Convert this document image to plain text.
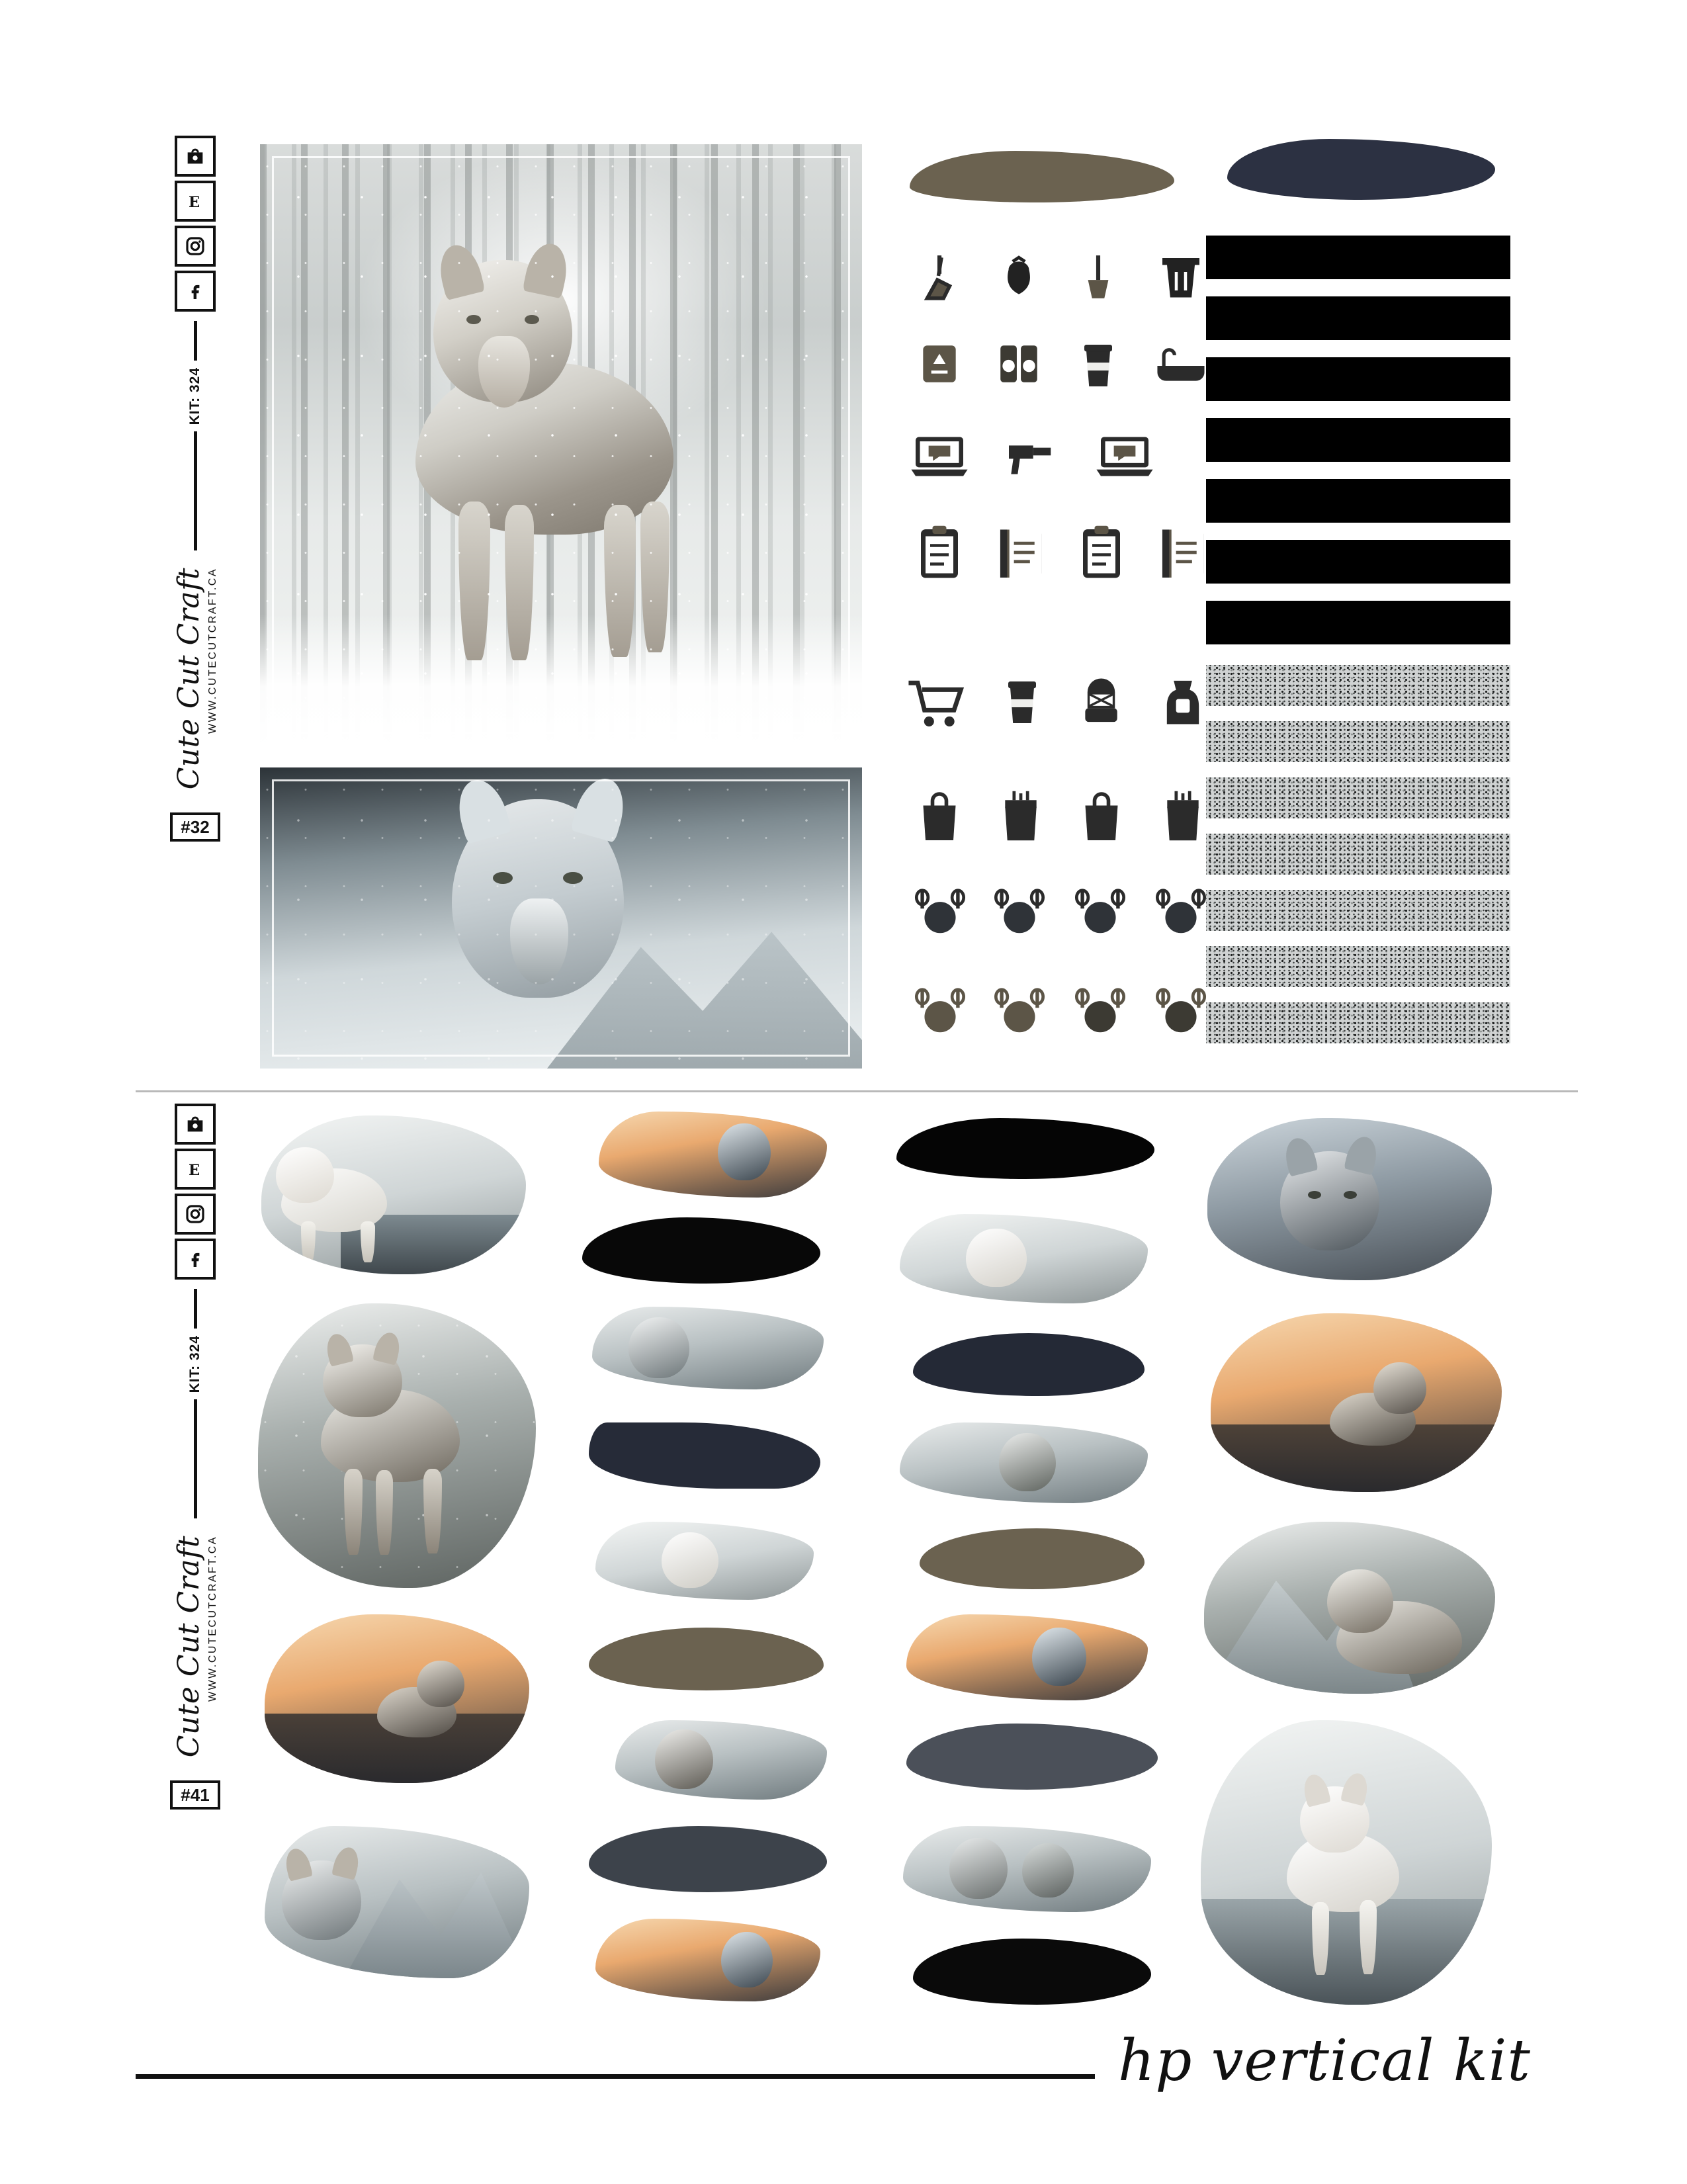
E
KIT: 324
Cute Cut Craft WWW.CUTECUTCRAFT.CA
#32
E
KIT: 324
Cute Cut Craft WWW.CUTECUTCRAFT.CA
#41
hp vertical kit
